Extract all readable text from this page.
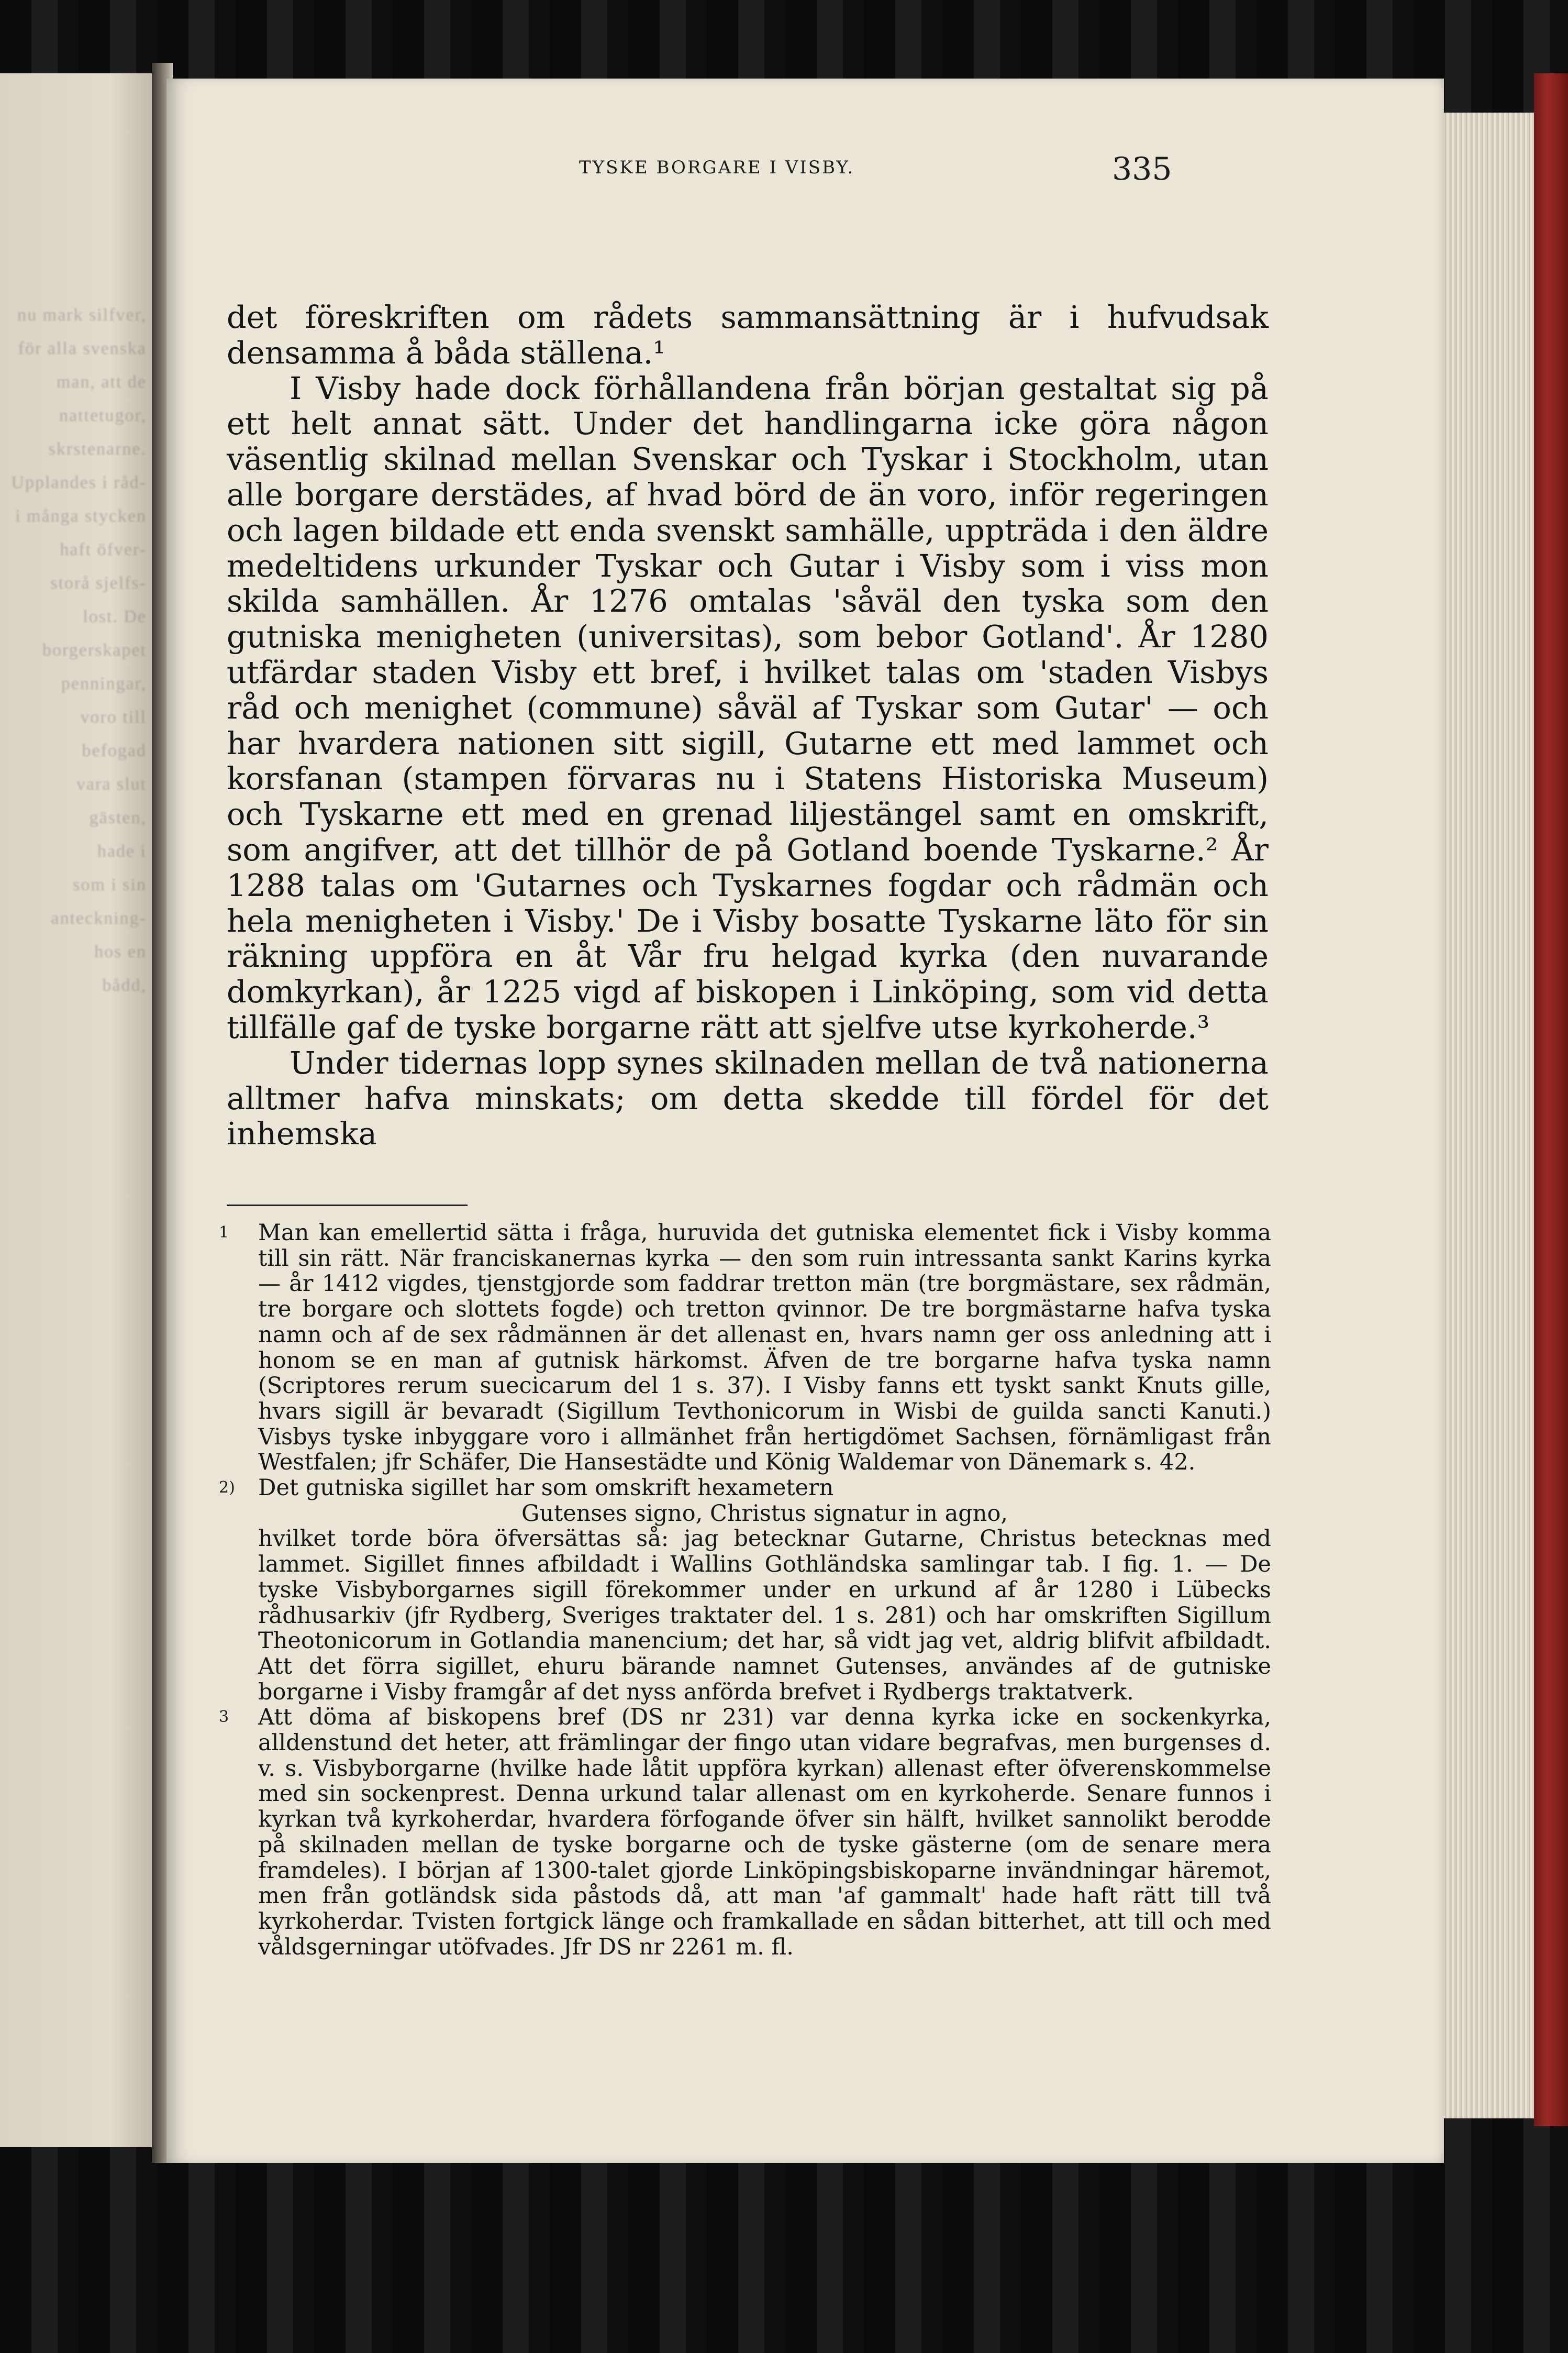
nu mark silfver,
för alla svenska
man, att de
nattetugor,
skrstenarne.
Upplandes i råd-
i många stycken
haft öfver-
storå sjelfs-
lost. De
borgerskapet
penningar,
voro till
befogad
vara slut
gästen,
hade i
som i sin
anteckning-
hos en
bådd,
TYSKE BORGARE I VISBY.	335

det föreskriften om rådets sammansättning är i hufvudsak densamma å båda ställena.¹

I Visby hade dock förhållandena från början gestaltat sig på ett helt annat sätt. Under det handlingarna icke göra någon väsentlig skilnad mellan Svenskar och Tyskar i Stockholm, utan alle borgare derstädes, af hvad börd de än voro, inför regeringen och lagen bildade ett enda svenskt samhälle, uppträda i den äldre medeltidens urkunder Tyskar och Gutar i Visby som i viss mon skilda samhällen. År 1276 omtalas 'såväl den tyska som den gutniska menigheten (universitas), som bebor Gotland'. År 1280 utfärdar staden Visby ett bref, i hvilket talas om 'staden Visbys råd och menighet (commune) såväl af Tyskar som Gutar' — och har hvardera nationen sitt sigill, Gutarne ett med lammet och korsfanan (stampen förvaras nu i Statens Historiska Museum) och Tyskarne ett med en grenad liljestängel samt en omskrift, som angifver, att det tillhör de på Gotland boende Tyskarne.² År 1288 talas om 'Gutarnes och Tyskarnes fogdar och rådmän och hela menigheten i Visby.' De i Visby bosatte Tyskarne läto för sin räkning uppföra en åt Vår fru helgad kyrka (den nuvarande domkyrkan), år 1225 vigd af biskopen i Linköping, som vid detta tillfälle gaf de tyske borgarne rätt att sjelfve utse kyrkoherde.³

Under tidernas lopp synes skilnaden mellan de två nationerna alltmer hafva minskats; om detta skedde till fördel för det inhemska

1 Man kan emellertid sätta i fråga, huruvida det gutniska elementet fick i Visby komma till sin rätt. När franciskanernas kyrka — den som ruin intressanta sankt Karins kyrka — år 1412 vigdes, tjenstgjorde som faddrar tretton män (tre borgmästare, sex rådmän, tre borgare och slottets fogde) och tretton qvinnor. De tre borgmästarne hafva tyska namn och af de sex rådmännen är det allenast en, hvars namn ger oss anledning att i honom se en man af gutnisk härkomst. Äfven de tre borgarne hafva tyska namn (Scriptores rerum suecicarum del 1 s. 37). I Visby fanns ett tyskt sankt Knuts gille, hvars sigill är bevaradt (Sigillum Tevthonicorum in Wisbi de guilda sancti Kanuti.) Visbys tyske inbyggare voro i allmänhet från hertigdömet Sachsen, förnämligast från Westfalen; jfr Schäfer, Die Hansestädte und König Waldemar von Dänemark s. 42.

2) Det gutniska sigillet har som omskrift hexametern

Gutenses signo, Christus signatur in agno,

hvilket torde böra öfversättas så: jag betecknar Gutarne, Christus betecknas med lammet. Sigillet finnes afbildadt i Wallins Gothländska samlingar tab. I fig. 1. — De tyske Visbyborgarnes sigill förekommer under en urkund af år 1280 i Lübecks rådhusarkiv (jfr Rydberg, Sveriges traktater del. 1 s. 281) och har omskriften Sigillum Theotonicorum in Gotlandia manencium; det har, så vidt jag vet, aldrig blifvit afbildadt. Att det förra sigillet, ehuru bärande namnet Gutenses, användes af de gutniske borgarne i Visby framgår af det nyss anförda brefvet i Rydbergs traktatverk.

3 Att döma af biskopens bref (DS nr 231) var denna kyrka icke en sockenkyrka, alldenstund det heter, att främlingar der fingo utan vidare begrafvas, men burgenses d. v. s. Visbyborgarne (hvilke hade låtit uppföra kyrkan) allenast efter öfverenskommelse med sin sockenprest. Denna urkund talar allenast om en kyrkoherde. Senare funnos i kyrkan två kyrkoherdar, hvardera förfogande öfver sin hälft, hvilket sannolikt berodde på skilnaden mellan de tyske borgarne och de tyske gästerne (om de senare mera framdeles). I början af 1300-talet gjorde Linköpingsbiskoparne invändningar häremot, men från gotländsk sida påstods då, att man 'af gammalt' hade haft rätt till två kyrkoherdar. Tvisten fortgick länge och framkallade en sådan bitterhet, att till och med våldsgerningar utöfvades. Jfr DS nr 2261 m. fl.
